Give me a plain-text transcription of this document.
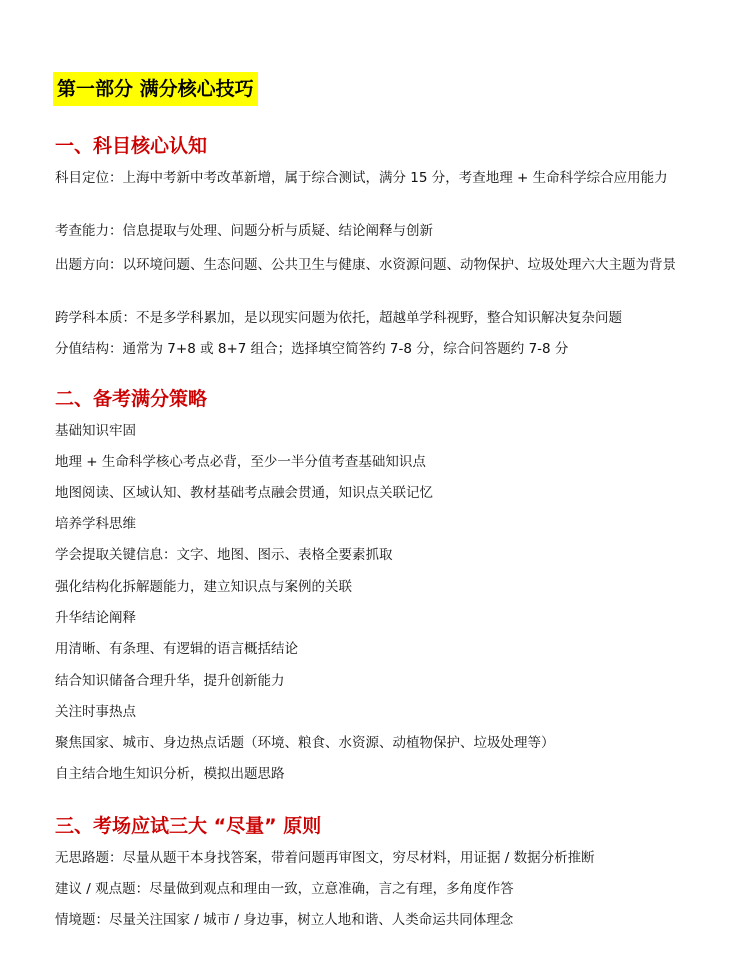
第一部分 满分核心技巧
一、科目核心认知
科目定位：上海中考新中考改革新增，属于综合测试，满分 15 分，考查地理 + 生命科学综合应用能力
考查能力：信息提取与处理、问题分析与质疑、结论阐释与创新
出题方向：以环境问题、生态问题、公共卫生与健康、水资源问题、动物保护、垃圾处理六大主题为背景
跨学科本质：不是多学科累加，是以现实问题为依托，超越单学科视野，整合知识解决复杂问题
分值结构：通常为 7+8 或 8+7 组合；选择填空简答约 7-8 分，综合问答题约 7-8 分
二、备考满分策略
基础知识牢固
地理 + 生命科学核心考点必背，至少一半分值考查基础知识点
地图阅读、区域认知、教材基础考点融会贯通，知识点关联记忆
培养学科思维
学会提取关键信息：文字、地图、图示、表格全要素抓取
强化结构化拆解题能力，建立知识点与案例的关联
升华结论阐释
用清晰、有条理、有逻辑的语言概括结论
结合知识储备合理升华，提升创新能力
关注时事热点
聚焦国家、城市、身边热点话题（环境、粮食、水资源、动植物保护、垃圾处理等）
自主结合地生知识分析，模拟出题思路
三、考场应试三大 “尽量” 原则
无思路题：尽量从题干本身找答案，带着问题再审图文，穷尽材料，用证据 / 数据分析推断
建议 / 观点题：尽量做到观点和理由一致，立意准确，言之有理，多角度作答
情境题：尽量关注国家 / 城市 / 身边事，树立人地和谐、人类命运共同体理念
